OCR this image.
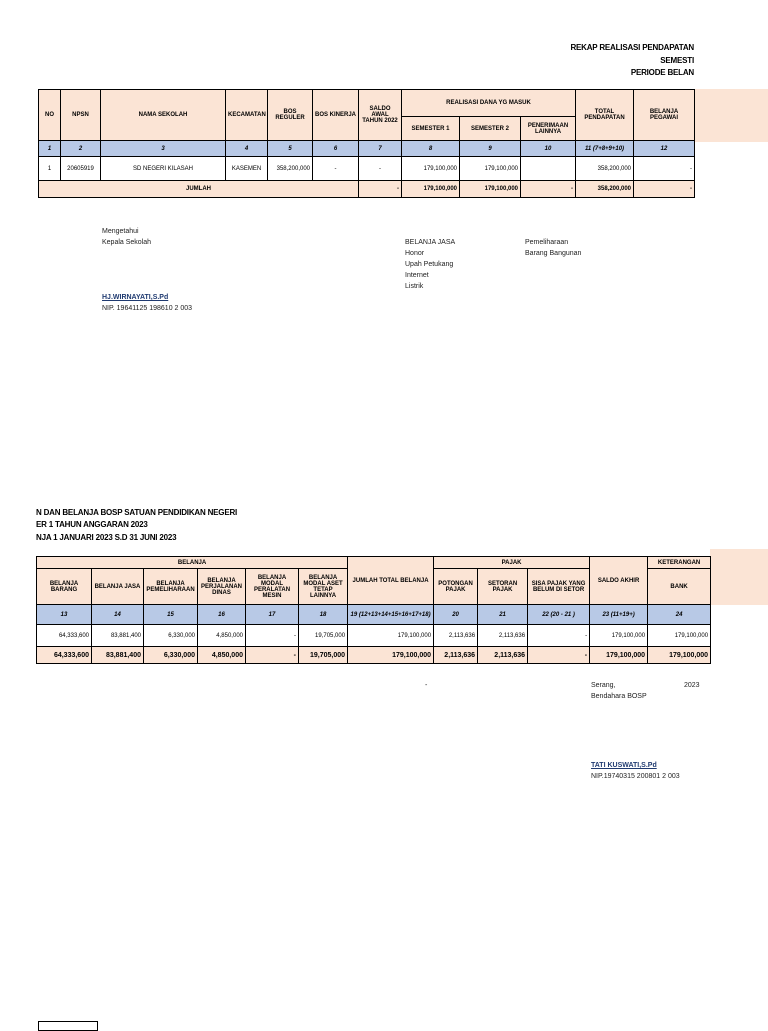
REKAP REALISASI PENDAPATAN
SEMESTI
PERIODE BELAN
NO	NPSN	NAMA SEKOLAH	KECAMATAN	BOS REGULER	BOS KINERJA	SALDO AWAL TAHUN 2022	REALISASI DANA YG MASUK			TOTAL PENDAPATAN	BELANJA PEGAWAI
							SEMESTER 1	SEMESTER 2	PENERIMAAN LAINNYA		
1	2	3	4	5	6	7	8	9	10	11 (7+8+9+10)	12
1	20605919	SD NEGERI KILASAH	KASEMEN	358,200,000	-	-	179,100,000	179,100,000		358,200,000	-
JUMLAH						-	179,100,000	179,100,000	-	358,200,000	-
Mengetahui
Kepala Sekolah
HJ.WIRNAYATI,S.Pd
NIP. 19641125 198610 2 003
BELANJA JASA
Honor
Upah Petukang
Internet
Listrik
Pemeliharaan
Barang Bangunan
N DAN BELANJA BOSP SATUAN PENDIDIKAN NEGERI
ER 1 TAHUN ANGGARAN 2023
NJA 1 JANUARI 2023 S.D 31 JUNI 2023
BELANJA						JUMLAH TOTAL BELANJA	PAJAK			SALDO AKHIR	KETERANGAN
BELANJA BARANG	BELANJA JASA	BELANJA PEMELIHARAAN	BELANJA PERJALANAN DINAS	BELANJA MODAL PERALATAN MESIN	BELANJA MODAL ASET TETAP LAINNYA		POTONGAN PAJAK	SETORAN PAJAK	SISA PAJAK YANG BELUM DI SETOR		BANK
13	14	15	16	17	18	19 (12+13+14+15+16+17+18)	20	21	22 (20 - 21 )	23 (11+19+)	24
64,333,600	83,881,400	6,330,000	4,850,000	-	19,705,000	179,100,000	2,113,636	2,113,636	-	179,100,000	179,100,000
64,333,600	83,881,400	6,330,000	4,850,000	-	19,705,000	179,100,000	2,113,636	2,113,636	-	179,100,000	179,100,000
-	Serang,
Bendahara BOSP
2023
TATI KUSWATI,S.Pd
NIP.19740315 200801 2 003
